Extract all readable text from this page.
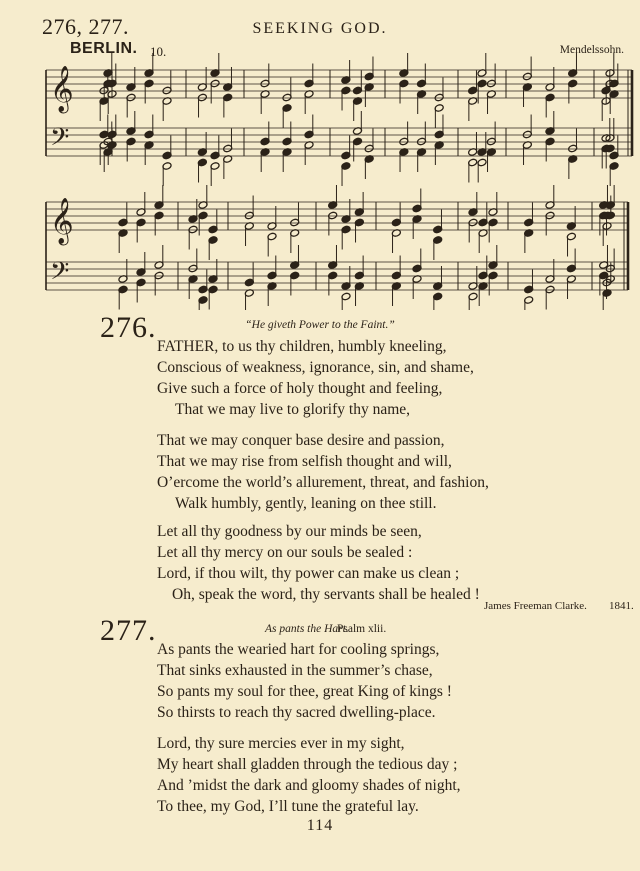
276, 277.	SEEKING GOD.
BERLIN. 10.	Mendelssohn.
𝄞
𝄢
𝄞
𝄢
276.	“He giveth Power to the Faint.”
FATHER, to us thy children, humbly kneeling,
Conscious of weakness, ignorance, sin, and shame,
Give such a force of holy thought and feeling,
That we may live to glorify thy name,
That we may conquer base desire and passion,
That we may rise from selfish thought and will,
O’ercome the world’s allurement, threat, and fashion,
Walk humbly, gently, leaning on thee still.
Let all thy goodness by our minds be seen,
Let all thy mercy on our souls be sealed :
Lord, if thou wilt, thy power can make us clean ;
Oh, speak the word, thy servants shall be healed !
James Freeman Clarke. 1841.
277.	As pants the Hart.
Psalm xlii.
As pants the wearied hart for cooling springs,
That sinks exhausted in the summer’s chase,
So pants my soul for thee, great King of kings !
So thirsts to reach thy sacred dwelling-place.
Lord, thy sure mercies ever in my sight,
My heart shall gladden through the tedious day ;
And ’midst the dark and gloomy shades of night,
To thee, my God, I’ll tune the grateful lay.
114
